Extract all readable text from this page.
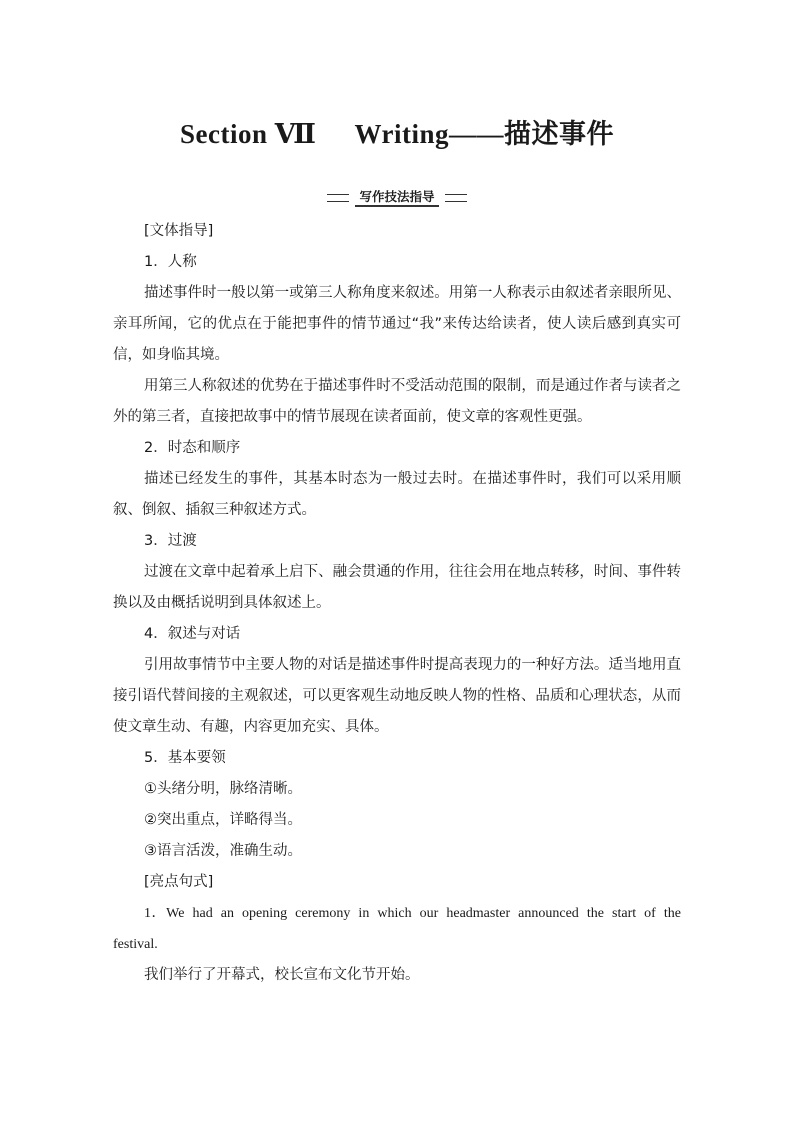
Section Ⅶ Writing——描述事件
写作技法指导

[文体指导]

1．人称

描述事件时一般以第一或第三人称角度来叙述。用第一人称表示由叙述者亲眼所见、亲耳所闻，它的优点在于能把事件的情节通过“我”来传达给读者，使人读后感到真实可信，如身临其境。

用第三人称叙述的优势在于描述事件时不受活动范围的限制，而是通过作者与读者之外的第三者，直接把故事中的情节展现在读者面前，使文章的客观性更强。

2．时态和顺序

描述已经发生的事件，其基本时态为一般过去时。在描述事件时，我们可以采用顺叙、倒叙、插叙三种叙述方式。

3．过渡

过渡在文章中起着承上启下、融会贯通的作用，往往会用在地点转移，时间、事件转换以及由概括说明到具体叙述上。

4．叙述与对话

引用故事情节中主要人物的对话是描述事件时提高表现力的一种好方法。适当地用直接引语代替间接的主观叙述，可以更客观生动地反映人物的性格、品质和心理状态，从而使文章生动、有趣，内容更加充实、具体。

5．基本要领

①头绪分明，脉络清晰。

②突出重点，详略得当。

③语言活泼，准确生动。

[亮点句式]

1．We had an opening ceremony in which our headmaster announced the start of the festival.

我们举行了开幕式，校长宣布文化节开始。
